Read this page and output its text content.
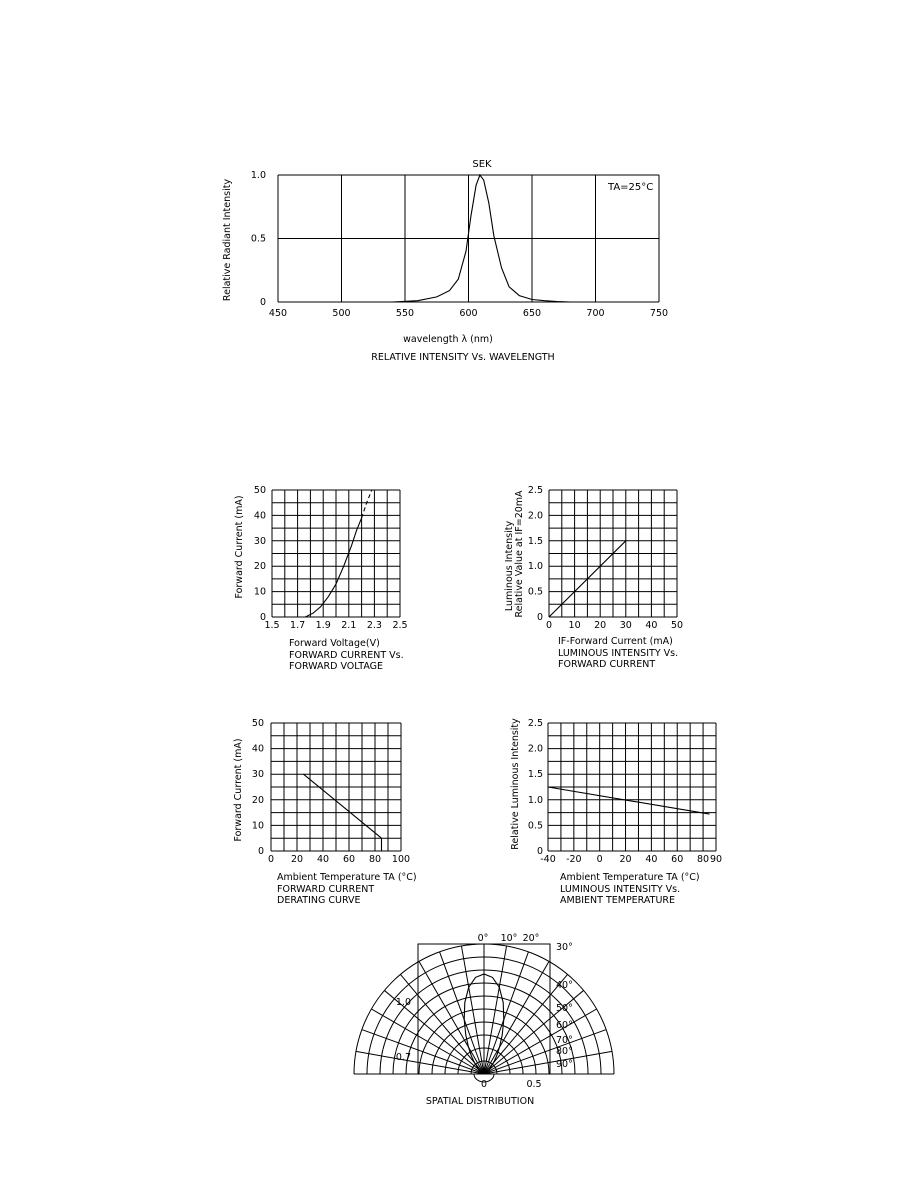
SEK
TA=25°C
450	500	550	600	650	700	750
0
0.5
1.0
Relative Radiant Intensity
wavelength λ (nm)
RELATIVE INTENSITY Vs. WAVELENGTH
1.5 1.7 1.9 2.1 2.3 2.5
0
10
20
30
40
50
Forward Current (mA)
Forward Voltage(V)
FORWARD CURRENT Vs.
FORWARD VOLTAGE
0 10 20 30 40 50
0
0.5
1.0
1.5
2.0
2.5
Luminous Intensity Relative Value at IF=20mA
IF-Forward Current (mA)
LUMINOUS INTENSITY Vs.
FORWARD CURRENT
0 20 40 60 80 100
0
10
20
30
40
50
Forward Current (mA)
Ambient Temperature TA (°C)
FORWARD CURRENT
DERATING CURVE
-40 -20 0 20 40 60 80 90
0
0.5
1.0
1.5
2.0
2.5
Relative Luminous Intensity
Ambient Temperature TA (°C)
LUMINOUS INTENSITY Vs.
AMBIENT TEMPERATURE
0° 10° 20°
30°
40°
50°
60°
70°
80°
90°
1.0
0.7
0	0.5
SPATIAL DISTRIBUTION
